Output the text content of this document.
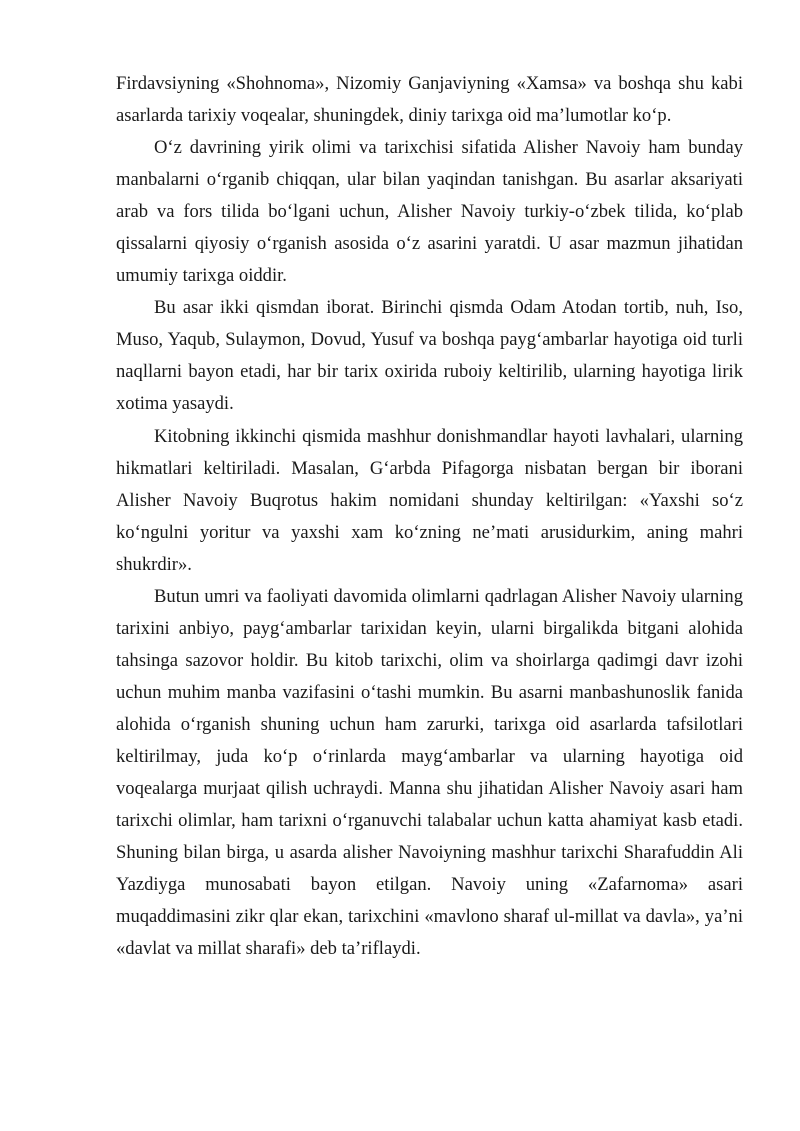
Firdavsiyning «Shohnoma», Nizomiy Ganjaviyning «Xamsa» va boshqa shu kabi asarlarda tarixiy voqealar, shuningdek, diniy tarixga oid ma’lumotlar ko‘p.

O‘z davrining yirik olimi va tarixchisi sifatida Alisher Navoiy ham bunday manbalarni o‘rganib chiqqan, ular bilan yaqindan tanishgan. Bu asarlar aksariyati arab va fors tilida bo‘lgani uchun, Alisher Navoiy turkiy-o‘zbek tilida, ko‘plab qissalarni qiyosiy o‘rganish asosida o‘z asarini yaratdi. U asar mazmun jihatidan umumiy tarixga oiddir.

Bu asar ikki qismdan iborat. Birinchi qismda Odam Atodan tortib, nuh, Iso, Muso, Yaqub, Sulaymon, Dovud, Yusuf va boshqa payg‘ambarlar hayotiga oid turli naqllarni bayon etadi, har bir tarix oxirida ruboiy keltirilib, ularning hayotiga lirik xotima yasaydi.

Kitobning ikkinchi qismida mashhur donishmandlar hayoti lavhalari, ularning hikmatlari keltiriladi. Masalan, G‘arbda Pifagorga nisbatan bergan bir iborani Alisher Navoiy Buqrotus hakim nomidani shunday keltirilgan: «Yaxshi so‘z ko‘ngulni yoritur va yaxshi xam ko‘zning ne’mati arusidurkim, aning mahri shukrdir».

Butun umri va faoliyati davomida olimlarni qadrlagan Alisher Navoiy ularning tarixini anbiyo, payg‘ambarlar tarixidan keyin, ularni birgalikda bitgani alohida tahsinga sazovor holdir. Bu kitob tarixchi, olim va shoirlarga qadimgi davr izohi uchun muhim manba vazifasini o‘tashi mumkin. Bu asarni manbashunoslik fanida alohida o‘rganish shuning uchun ham zarurki, tarixga oid asarlarda tafsilotlari keltirilmay, juda ko‘p o‘rinlarda mayg‘ambarlar va ularning hayotiga oid voqealarga murjaat qilish uchraydi. Manna shu jihatidan Alisher Navoiy asari ham tarixchi olimlar, ham tarixni o‘rganuvchi talabalar uchun katta ahamiyat kasb etadi. Shuning bilan birga, u asarda alisher Navoiyning mashhur tarixchi Sharafuddin Ali Yazdiyga munosabati bayon etilgan. Navoiy uning «Zafarnoma» asari muqaddimasini zikr qlar ekan, tarixchini «mavlono sharaf ul-millat va davla», ya’ni «davlat va millat sharafi» deb ta’riflaydi.
